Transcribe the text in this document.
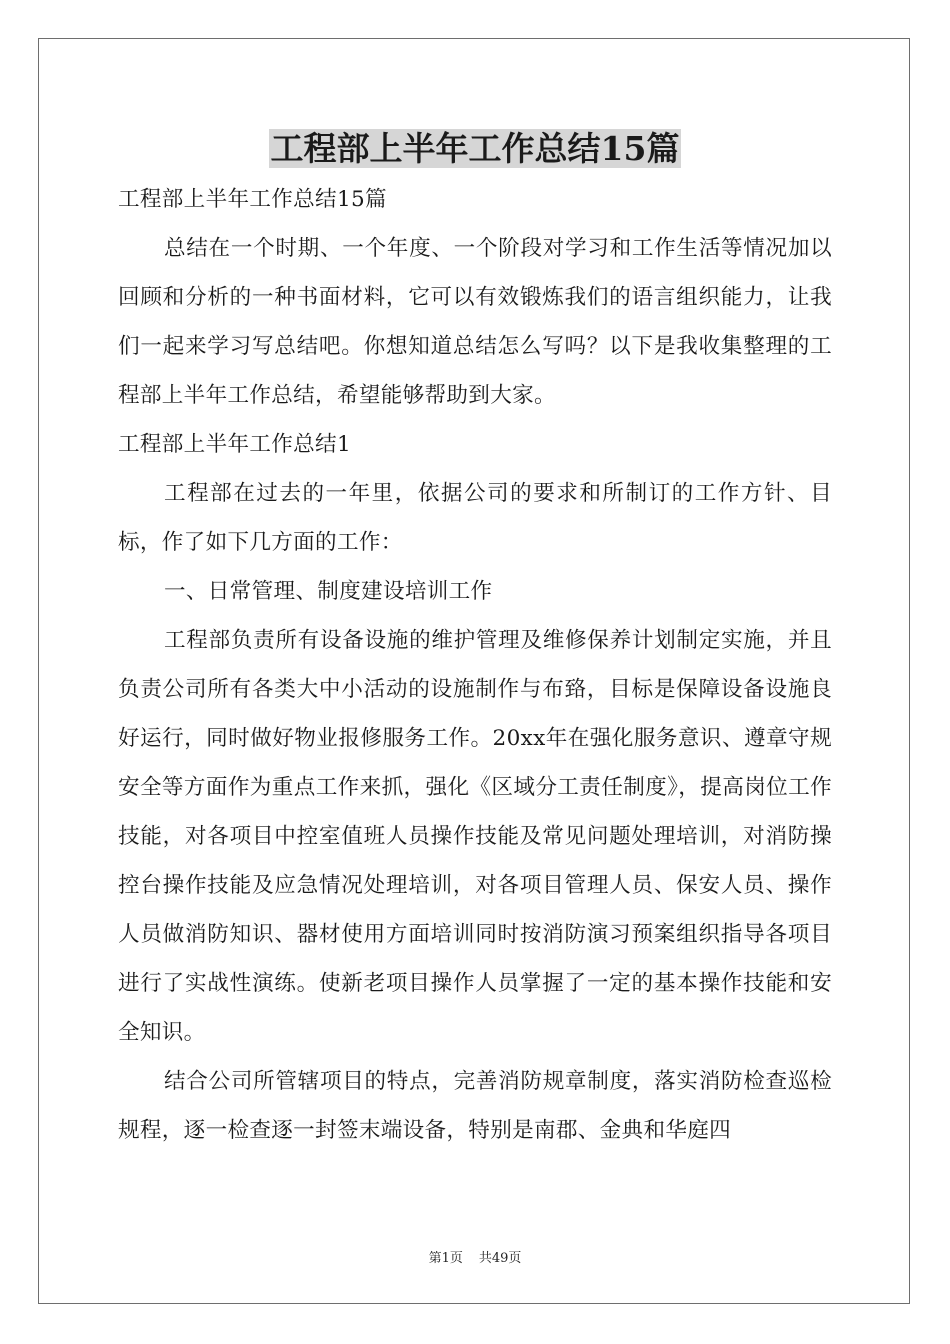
工程部上半年工作总结15篇

工程部上半年工作总结15篇

总结在一个时期、一个年度、一个阶段对学习和工作生活等情况加以回顾和分析的一种书面材料，它可以有效锻炼我们的语言组织能力，让我们一起来学习写总结吧。你想知道总结怎么写吗？以下是我收集整理的工程部上半年工作总结，希望能够帮助到大家。

工程部上半年工作总结1

工程部在过去的一年里，依据公司的要求和所制订的工作方针、目标，作了如下几方面的工作：

一、日常管理、制度建设培训工作

工程部负责所有设备设施的维护管理及维修保养计划制定实施，并且负责公司所有各类大中小活动的设施制作与布臵，目标是保障设备设施良好运行，同时做好物业报修服务工作。20xx年在强化服务意识、遵章守规安全等方面作为重点工作来抓，强化《区域分工责任制度》，提高岗位工作技能，对各项目中控室值班人员操作技能及常见问题处理培训，对消防操控台操作技能及应急情况处理培训，对各项目管理人员、保安人员、操作人员做消防知识、器材使用方面培训同时按消防演习预案组织指导各项目进行了实战性演练。使新老项目操作人员掌握了一定的基本操作技能和安全知识。

结合公司所管辖项目的特点，完善消防规章制度，落实消防检查巡检规程，逐一检查逐一封签末端设备，特别是南郡、金典和华庭四

第1页 共49页
